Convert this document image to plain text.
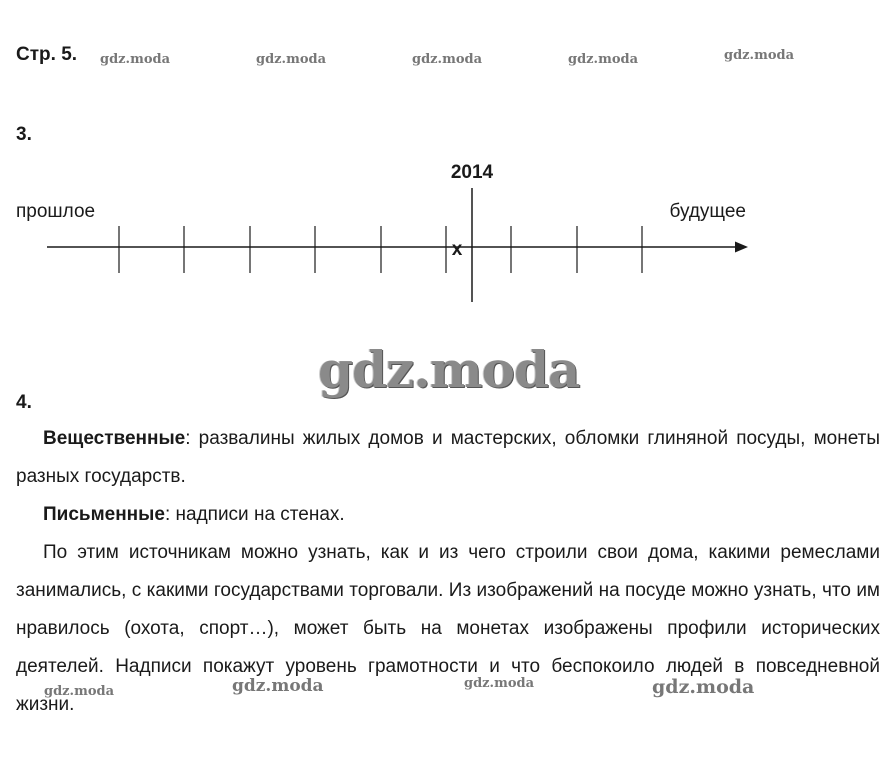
Стр. 5. gdz.moda	gdz.moda	gdz.moda	gdz.moda	gdz.moda
3.
2014
прошлое	будущее
x
gdz.moda
4.

Вещественные: развалины жилых домов и мастерских, обломки глиняной посуды, монеты разных государств.

Письменные: надписи на стенах.

По этим источникам можно узнать, как и из чего строили свои дома, какими ремеслами занимались, с какими государствами торговали. Из изображений на посуде можно узнать, что им нравилось (охота, спорт…), может быть на монетах изображены профили исторических деятелей. Надписи покажут уровень грамотности и что беспокоило людей в повседневной жизни.

gdz.moda	gdz.moda	gdz.moda	gdz.moda
